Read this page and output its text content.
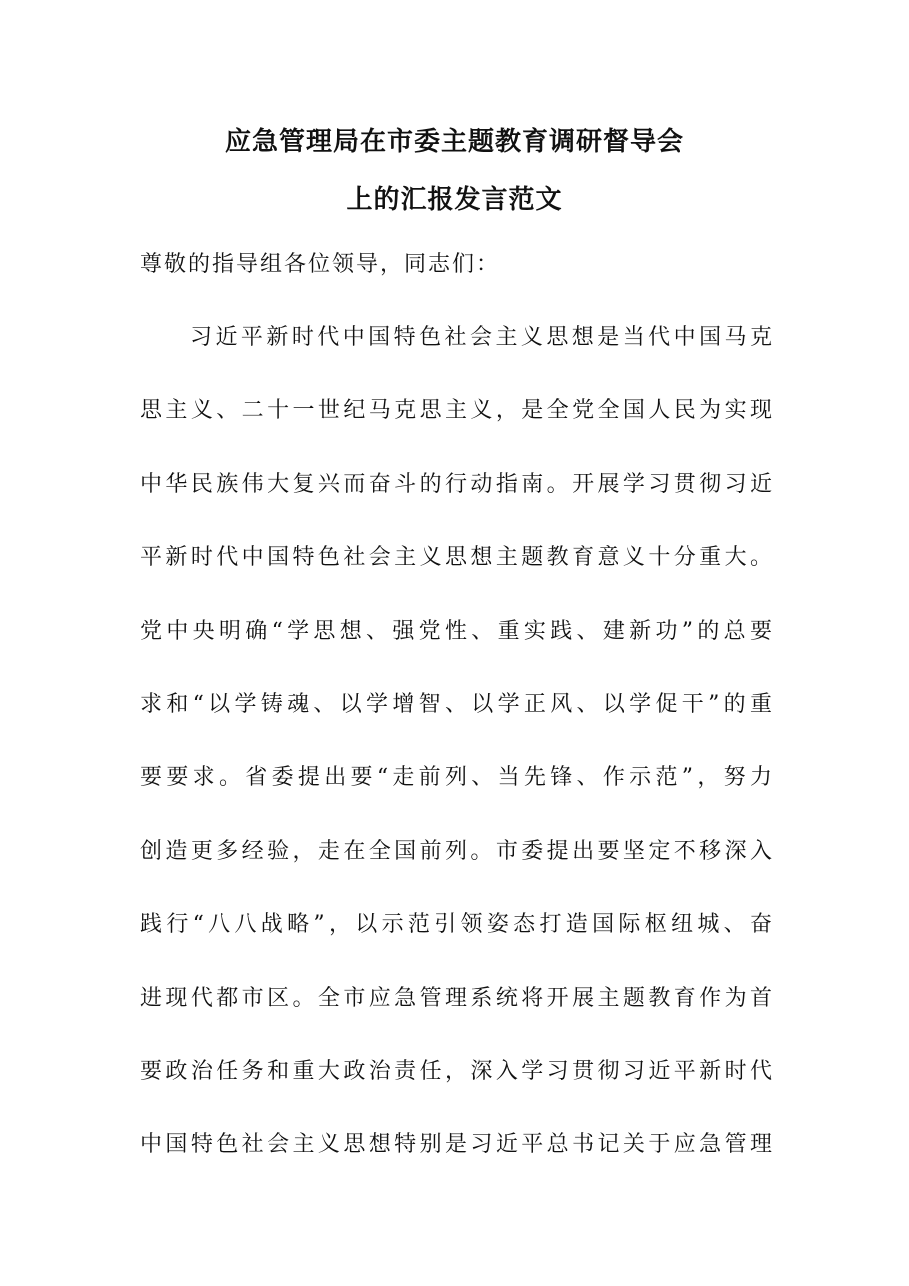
应急管理局在市委主题教育调研督导会
上的汇报发言范文
尊敬的指导组各位领导，同志们：
习近平新时代中国特色社会主义思想是当代中国马克
思主义、二十一世纪马克思主义，是全党全国人民为实现
中华民族伟大复兴而奋斗的行动指南。开展学习贯彻习近
平新时代中国特色社会主义思想主题教育意义十分重大。
党中央明确“学思想、强党性、重实践、建新功”的总要
求和“以学铸魂、以学增智、以学正风、以学促干”的重
要要求。省委提出要“走前列、当先锋、作示范”，努力
创造更多经验，走在全国前列。市委提出要坚定不移深入
践行“八八战略”，以示范引领姿态打造国际枢纽城、奋
进现代都市区。全市应急管理系统将开展主题教育作为首
要政治任务和重大政治责任，深入学习贯彻习近平新时代
中国特色社会主义思想特别是习近平总书记关于应急管理
